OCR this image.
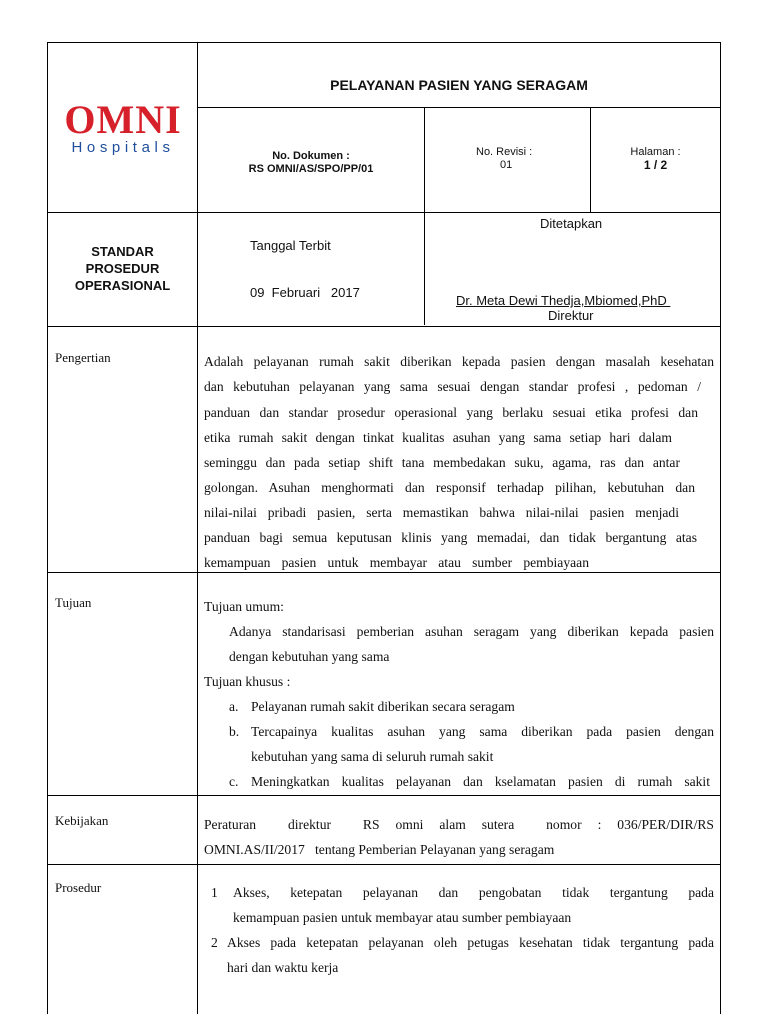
OMNI
Hospitals
PELAYANAN PASIEN YANG SERAGAM
No. Dokumen :
RS OMNI/AS/SPO/PP/01
No. Revisi :
01
Halaman :
1 / 2
STANDAR
PROSEDUR
OPERASIONAL
Tanggal Terbit
09  Februari   2017
Ditetapkan
Dr. Meta Dewi Thedja,Mbiomed,PhD
Direktur
Pengertian	Adalah pelayanan rumah sakit diberikan kepada pasien dengan masalah kesehatan
dan kebutuhan pelayanan yang sama sesuai dengan standar profesi , pedoman /
panduan dan standar prosedur operasional yang berlaku sesuai etika profesi dan
etika rumah sakit dengan tinkat kualitas asuhan yang sama setiap hari dalam
seminggu dan pada setiap shift tana membedakan suku, agama, ras dan antar
golongan. Asuhan menghormati dan responsif terhadap pilihan, kebutuhan dan
nilai-nilai pribadi pasien, serta memastikan bahwa nilai-nilai pasien menjadi
panduan bagi semua keputusan klinis yang memadai, dan tidak bergantung atas
kemampuan pasien untuk membayar atau sumber pembiayaan
Tujuan	Tujuan umum:
Adanya standarisasi pemberian asuhan seragam yang diberikan kepada pasien
dengan kebutuhan yang sama
Tujuan khusus :
a. Pelayanan rumah sakit diberikan secara seragam
b. Tercapainya kualitas asuhan yang sama diberikan pada pasien dengan
kebutuhan yang sama di seluruh rumah sakit
c. Meningkatkan kualitas pelayanan dan kselamatan pasien di rumah sakit
Kebijakan	Peraturan    direktur    RS  omni  alam  sutera    nomor  :  036/PER/DIR/RS
OMNI.AS/II/2017   tentang Pemberian Pelayanan yang seragam
Prosedur	1 Akses, ketepatan pelayanan dan pengobatan tidak tergantung pada
kemampuan pasien untuk membayar atau sumber pembiayaan
2 Akses pada ketepatan pelayanan oleh petugas kesehatan tidak tergantung pada
hari dan waktu kerja
